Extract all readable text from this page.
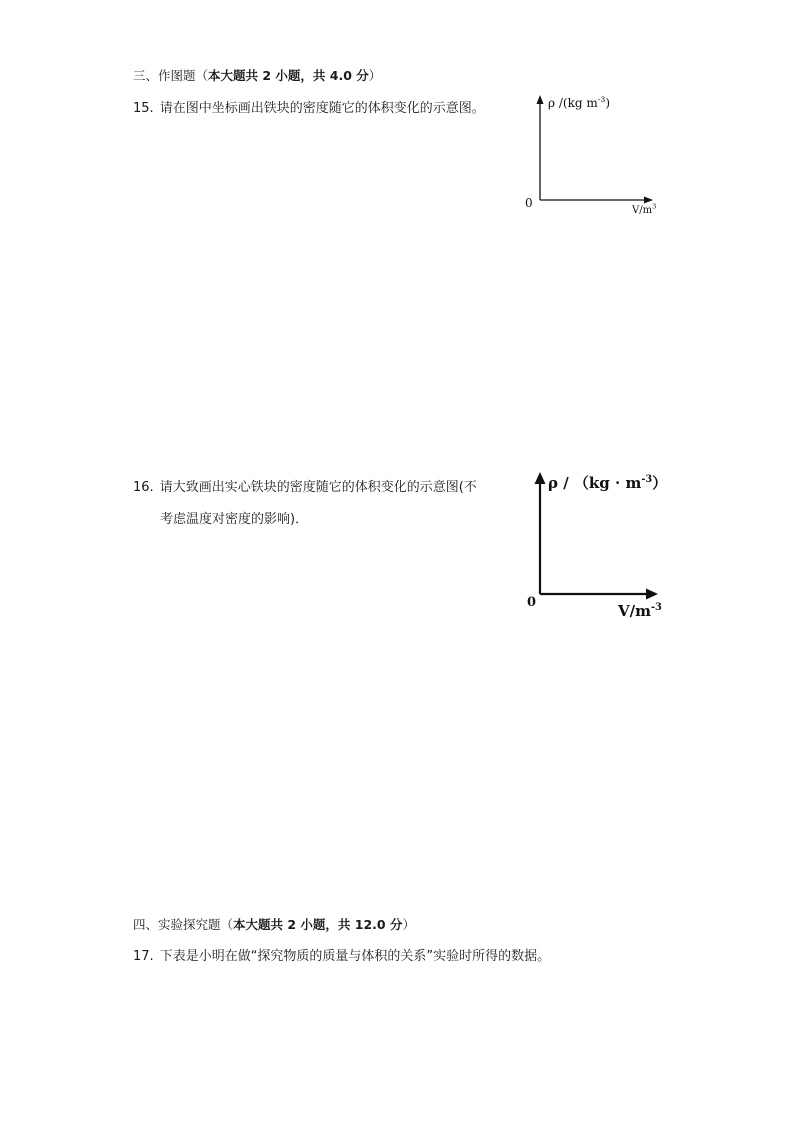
三、作图题（本大题共 2 小题，共 4.0 分）
15. 请在图中坐标画出铁块的密度随它的体积变化的示意图。	ρ /(kg $m^{-3}$)
0
$V/m^3$
16. 请大致画出实心铁块的密度随它的体积变化的示意图(不
考虑温度对密度的影响)．
$\rho / (kg \cdot m^{-3})$
0	$V/m^{-3}$
四、实验探究题（本大题共 2 小题，共 12.0 分）
17. 下表是小明在做“探究物质的质量与体积的关系”实验时所得的数据。
